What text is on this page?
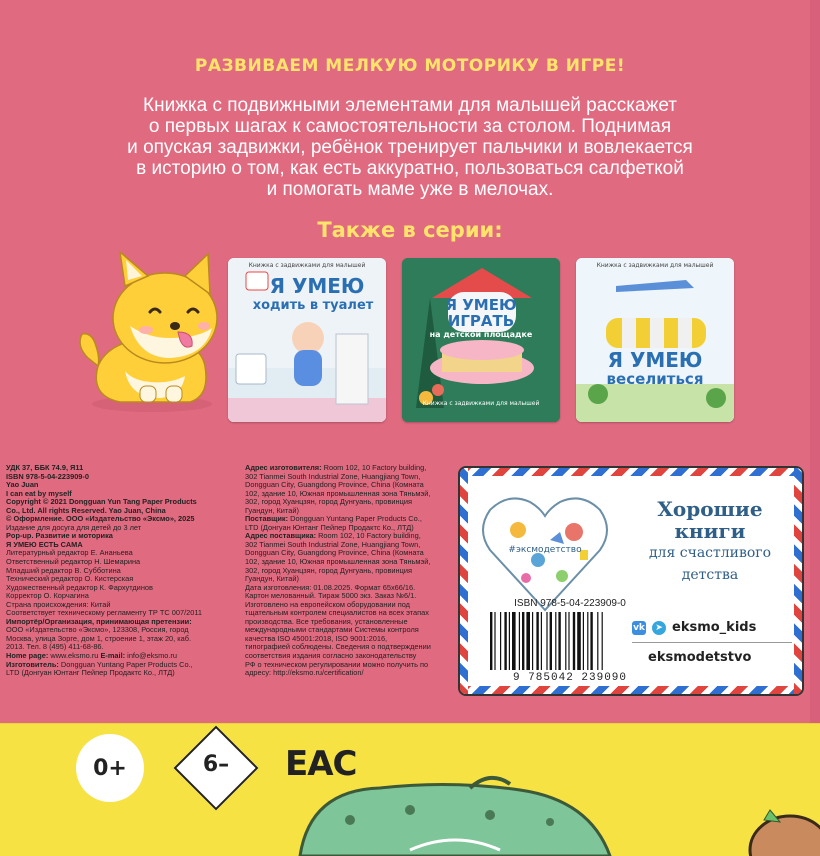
РАЗВИВАЕМ МЕЛКУЮ МОТОРИКУ В ИГРЕ!
Книжка с подвижными элементами для малышей расскажет
о первых шагах к самостоятельности за столом. Поднимая
и опуская задвижки, ребёнок тренирует пальчики и вовлекается
в историю о том, как есть аккуратно, пользоваться салфеткой
и помогать маме уже в мелочах.
Также в серии:
Книжка с задвижками для малышей
Я УМЕЮ
ходить в туалет	Я УМЕЮ
ИГРАТЬ
на детской площадке
Книжка с задвижками для малышей
Книжка с задвижками для малышей
Я УМЕЮ
веселиться
УДК 37, ББК 74.9, Я11
ISBN 978-5-04-223909-0
Yao Juan
I can eat by myself
Copyright © 2021 Dongguan Yun Tang Paper Products
Co., Ltd. All rights Reserved. Yao Juan, China
© Оформление. ООО «Издательство «Эксмо», 2025
Издание для досуга для детей до 3 лет
Pop-up. Развитие и моторика
Я УМЕЮ ЕСТЬ САМА
Литературный редактор Е. Ананьева
Ответственный редактор Н. Шемарина
Младший редактор В. Субботина
Технический редактор О. Кистерская
Художественный редактор К. Фархутдинов
Корректор О. Корчагина
Страна происхождения: Китай
Соответствует техническому регламенту ТР ТС 007/2011
Импортёр/Организация, принимающая претензии:
ООО «Издательство «Эксмо», 123308, Россия, город
Москва, улица Зорге, дом 1, строение 1, этаж 20, каб.
2013. Тел. 8 (495) 411-68-86.
Home page: www.eksmo.ru E-mail: info@eksmo.ru
Изготовитель: Dongguan Yuntang Paper Products Co.,
LTD (Донгуан Юнтанг Пейпер Продактс Ко., ЛТД)
Адрес изготовителя: Room 102, 10 Factory building,
302 Tianmei South Industrial Zone, Huangjiang Town,
Dongguan City, Guangdong Province, China (Комната
102, здание 10, Южная промышленная зона Тяньмэй,
302, город Хуанцзян, город Дунгуань, провинция
Гуандун, Китай)
Поставщик: Dongguan Yuntang Paper Products Co.,
LTD (Донгуан Юнтанг Пейпер Продактс Ко., ЛТД)
Адрес поставщика: Room 102, 10 Factory building,
302 Tianmei South Industrial Zone, Huangjiang Town,
Dongguan City, Guangdong Province, China (Комната
102, здание 10, Южная промышленная зона Тяньмэй,
302, город Хуанцзян, город Дунгуань, провинция
Гуандун, Китай)
Дата изготовления: 01.08.2025. Формат 65x66/16.
Картон мелованный. Тираж 5000 экз. Заказ №6/1.
Изготовлено на европейском оборудовании под
тщательным контролем специалистов на всех этапах
производства. Все требования, установленные
международными стандартами Системы контроля
качества ISO 45001:2018, ISO 9001:2016,
типографией соблюдены. Сведения о подтверждении
соответствия издания согласно законодательству
РФ о техническом регулировании можно получить по
адресу: http://eksmo.ru/certification/
#эксмодетство
Хорошие
книги
для счастливого
детства
ISBN 978-5-04-223909-0
9 785042 239090
vk	➤ eksmo_kids
eksmodetstvo
0+	6–	ЕАС
